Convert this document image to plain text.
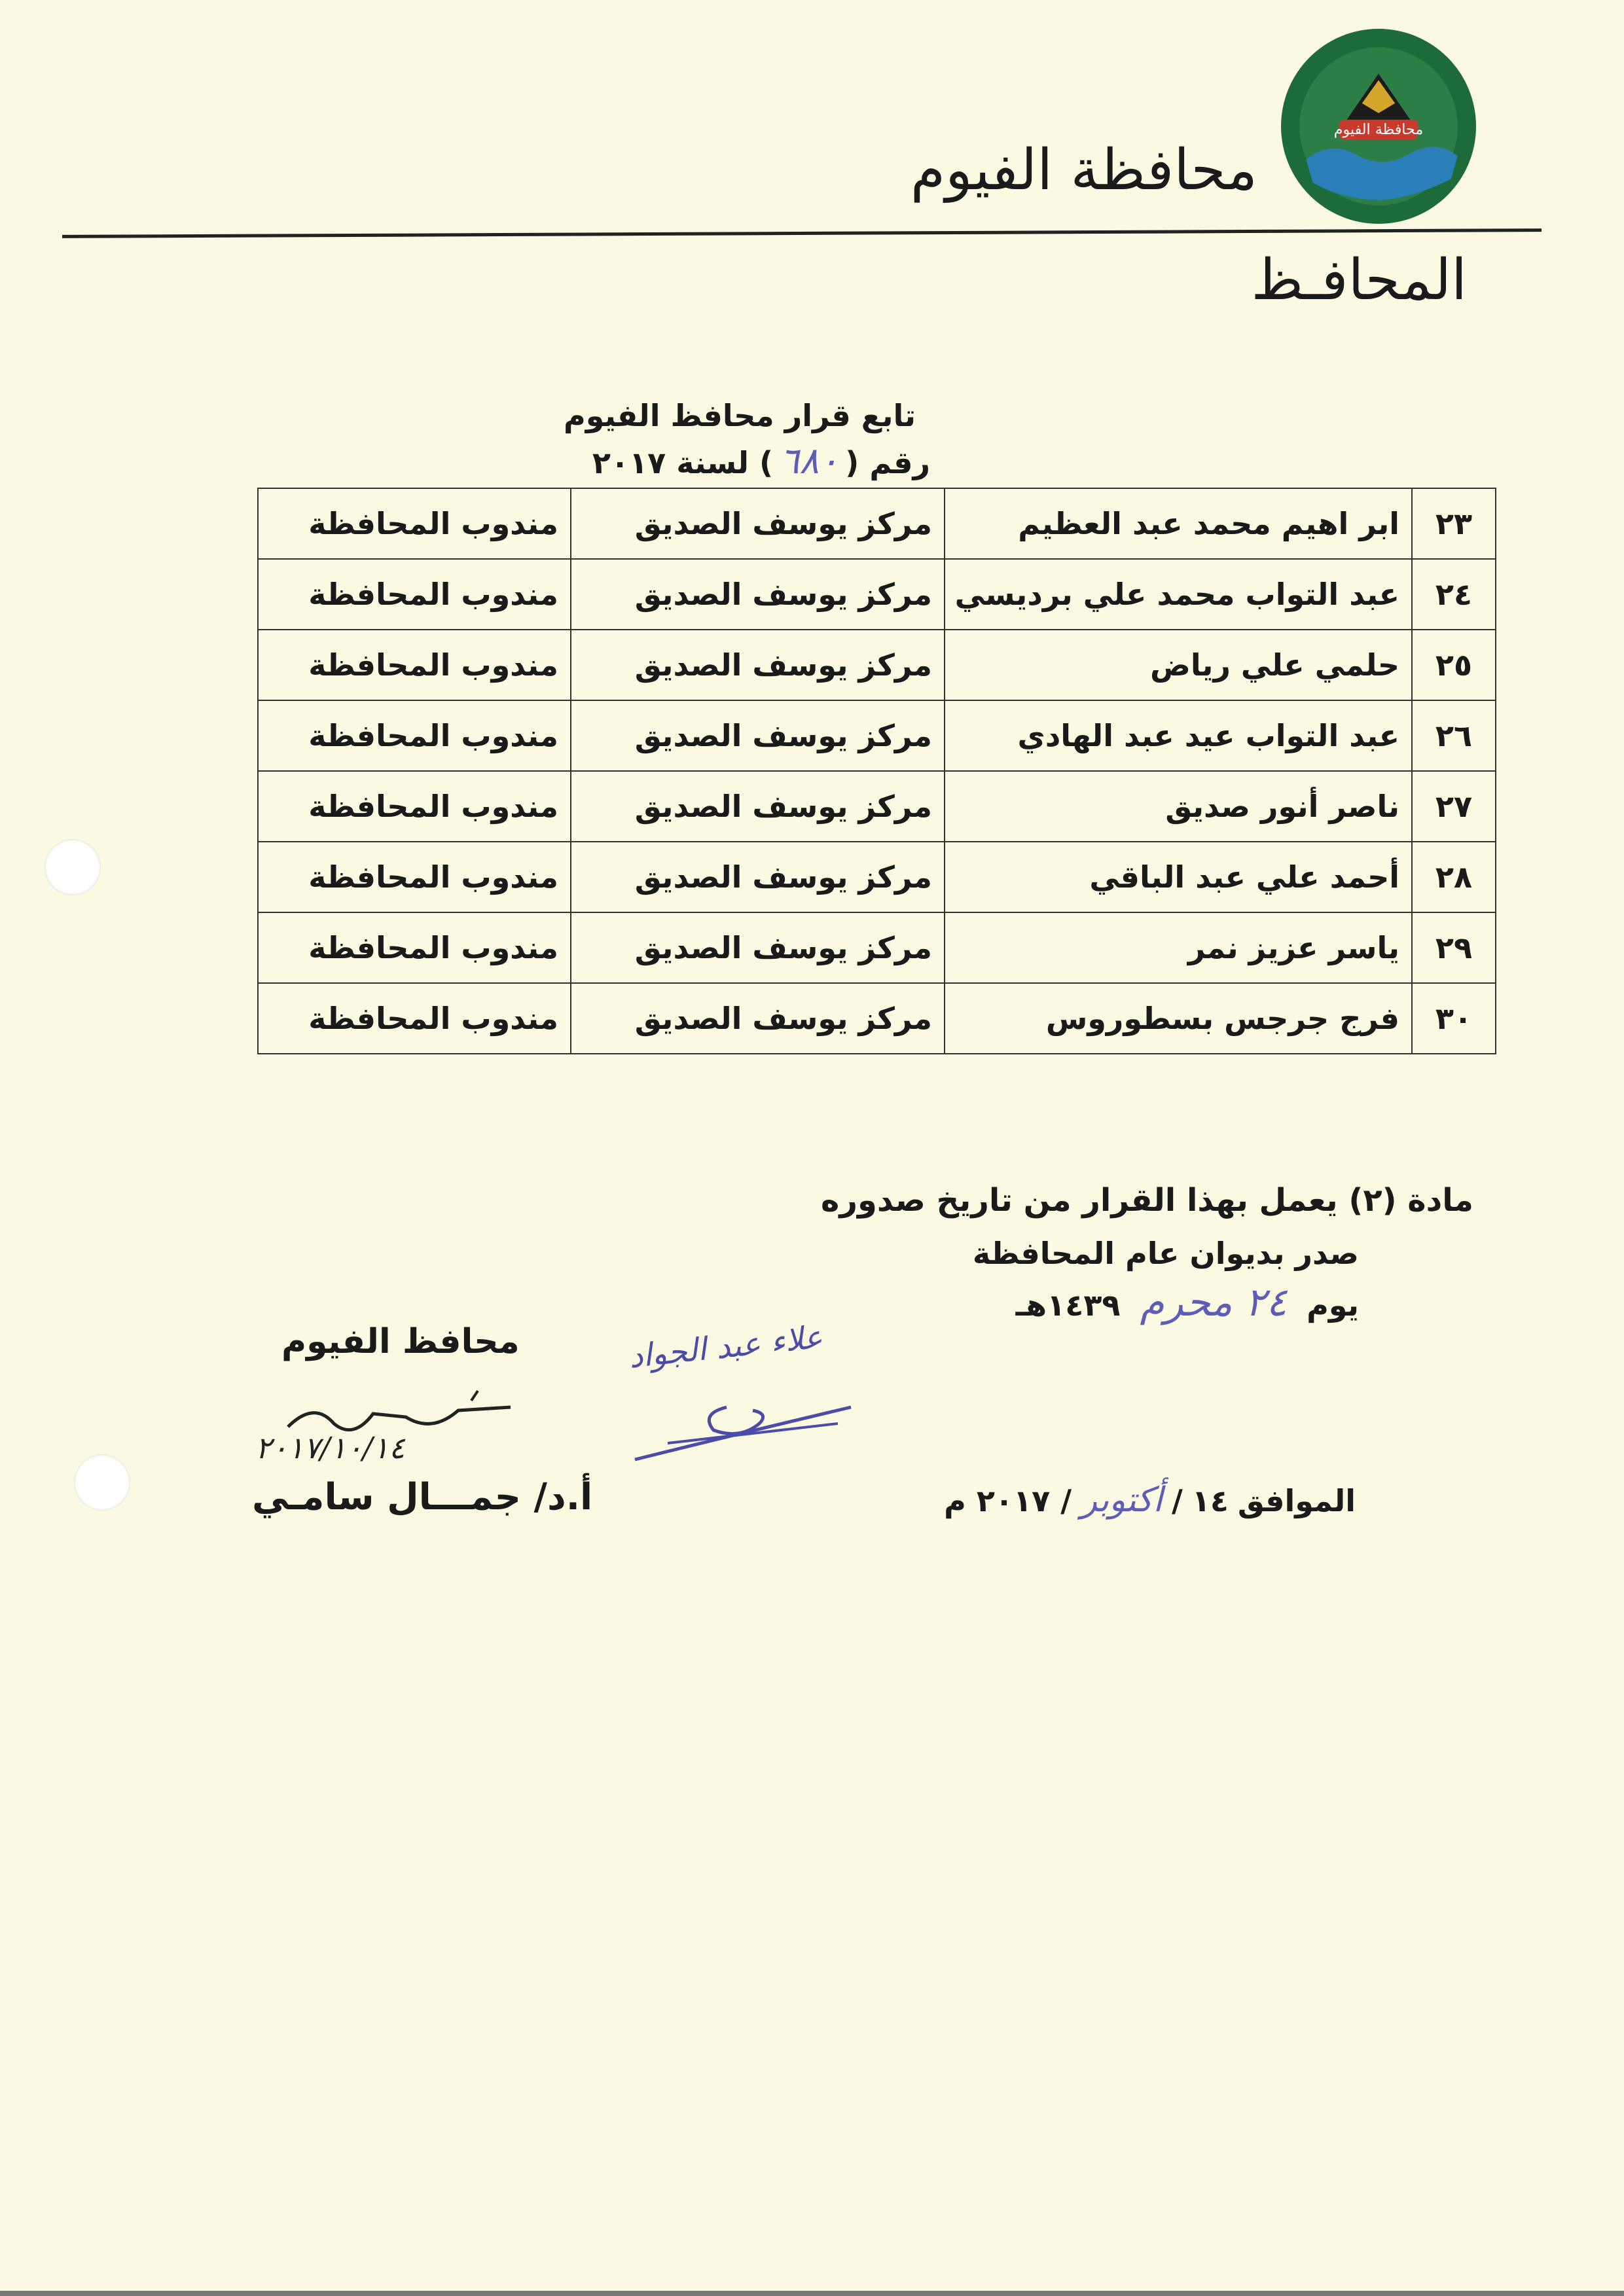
محافظة الفيوم
محافظة الفيوم
المحافـظ
تابع قرار محافظ الفيوم
رقم (
٦٨٠
) لسنة ٢٠١٧
٢٣	ابر اهيم محمد عبد العظيم	مركز يوسف الصديق	مندوب المحافظة
٢٤	عبد التواب محمد علي برديسي	مركز يوسف الصديق	مندوب المحافظة
٢٥	حلمي علي رياض	مركز يوسف الصديق	مندوب المحافظة
٢٦	عبد التواب عيد عبد الهادي	مركز يوسف الصديق	مندوب المحافظة
٢٧	ناصر أنور صديق	مركز يوسف الصديق	مندوب المحافظة
٢٨	أحمد علي عبد الباقي	مركز يوسف الصديق	مندوب المحافظة
٢٩	ياسر عزيز نمر	مركز يوسف الصديق	مندوب المحافظة
٣٠	فرج جرجس بسطوروس	مركز يوسف الصديق	مندوب المحافظة
مادة (٢) يعمل بهذا القرار من تاريخ صدوره
صدر بديوان عام المحافظة
يوم
٢٤ محرم
١٤٣٩هـ
الموافق
١٤
/
أكتوبر
/ ٢٠١٧ م
علاء عبد الجواد
محافظ الفيوم
٢٠١٧/١٠/١٤
أ.د/ جمـــال سامـي
